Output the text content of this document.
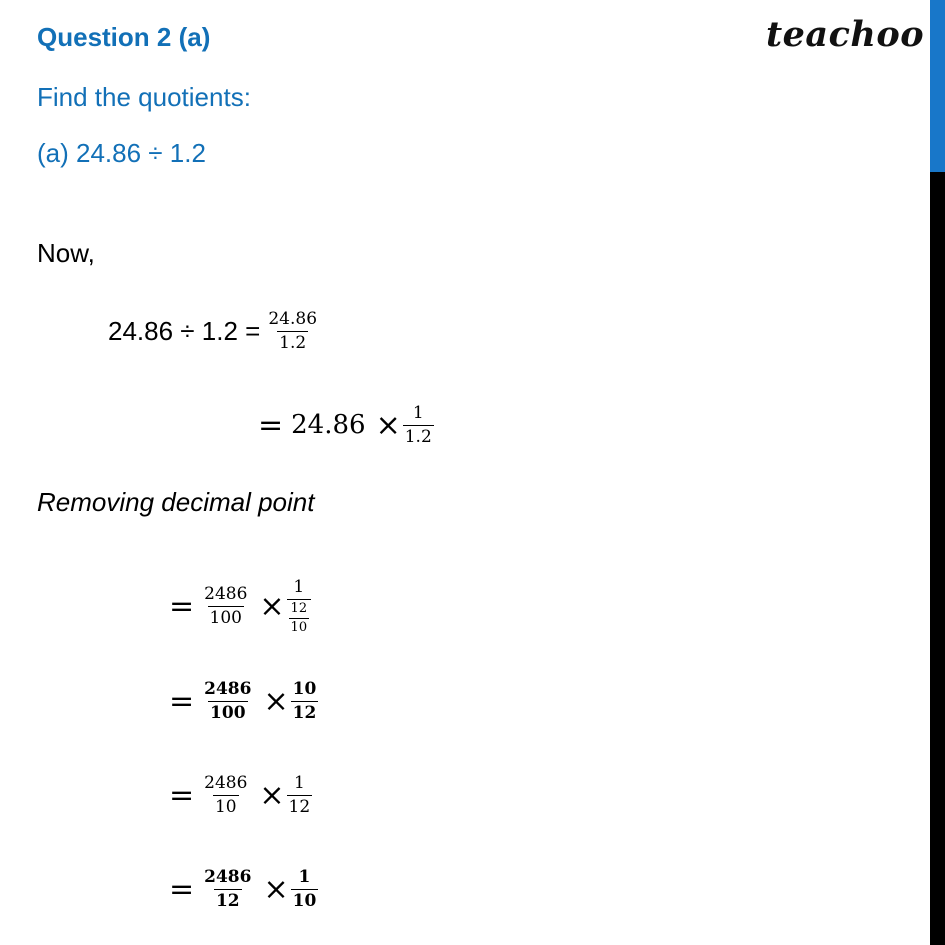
Question 2 (a)	teachoo
Find the quotients:
(a) 24.86 ÷ 1.2
Now,
$24.86 \div 1.2 = \frac{24.86}{1.2}$
= $24.86 \times \frac{1}{1.2}$
Removing decimal point
= $\frac{2486}{100} \times \frac{1}{\frac{12}{10}}$
= $\frac{2486}{100} \times \frac{10}{12}$
= $\frac{2486}{10} \times \frac{1}{12}$
= $\frac{2486}{12} \times \frac{1}{10}$
